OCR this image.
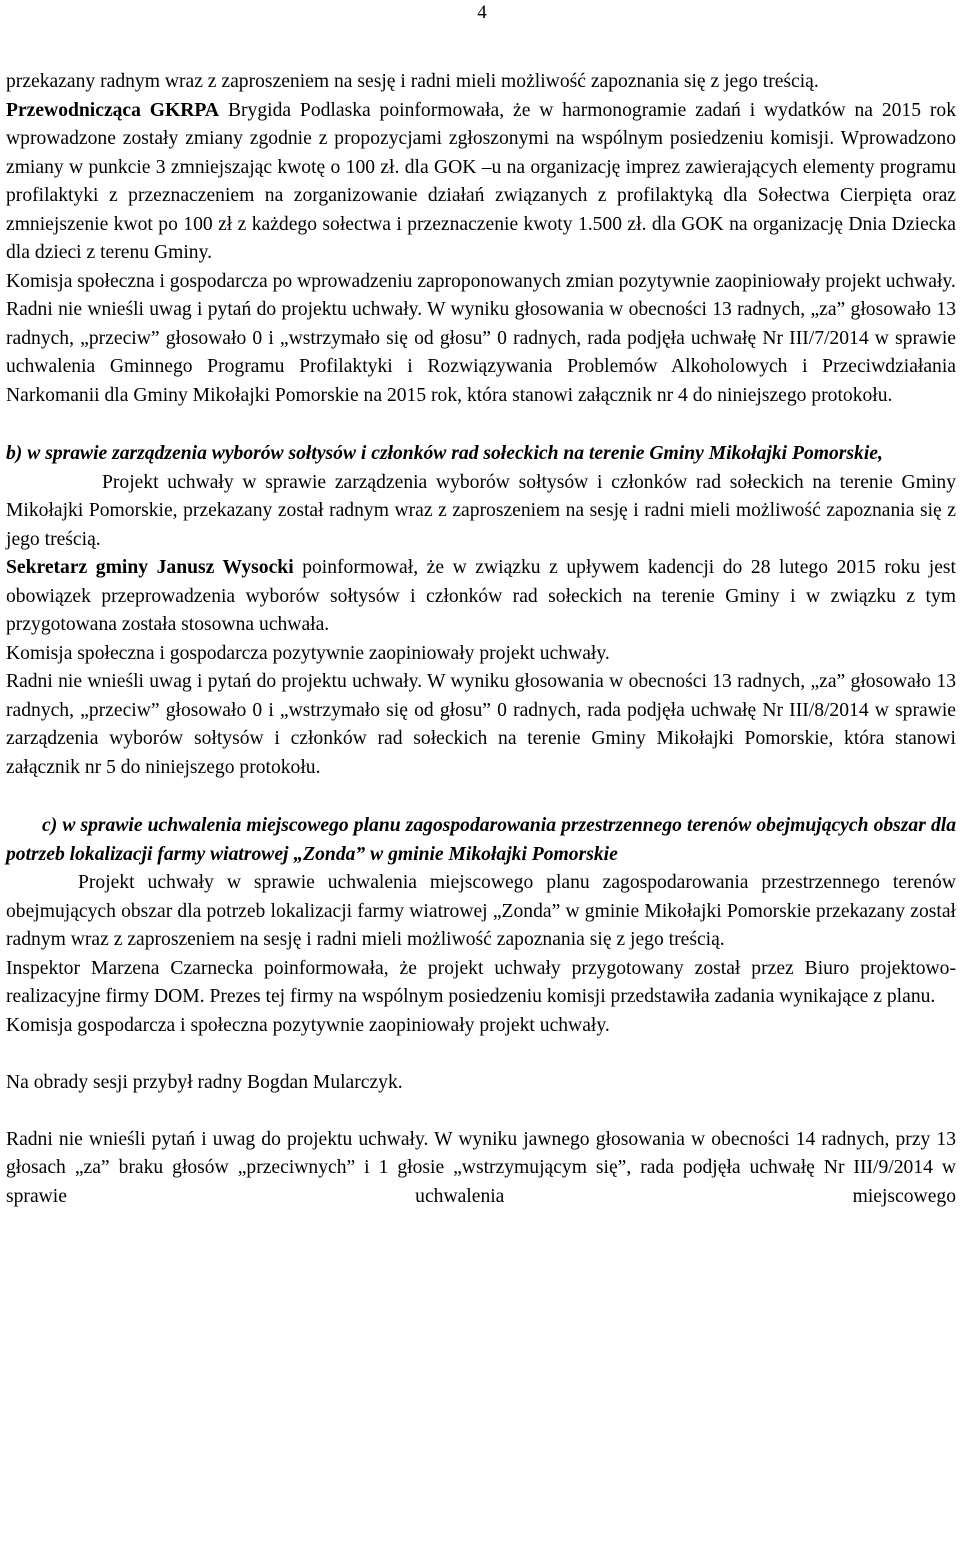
4

przekazany radnym wraz z zaproszeniem na sesję i radni mieli możliwość zapoznania się z jego treścią.

Przewodnicząca GKRPA Brygida Podlaska poinformowała, że w harmonogramie zadań i wydatków na 2015 rok wprowadzone zostały zmiany zgodnie z propozycjami zgłoszonymi na wspólnym posiedzeniu komisji. Wprowadzono zmiany w punkcie 3 zmniejszając kwotę o 100 zł. dla GOK –u na organizację imprez zawierających elementy programu profilaktyki z przeznaczeniem na zorganizowanie działań związanych z profilaktyką dla Sołectwa Cierpięta oraz zmniejszenie kwot po 100 zł z każdego sołectwa i przeznaczenie kwoty 1.500 zł. dla GOK na organizację Dnia Dziecka dla dzieci z terenu Gminy.

Komisja społeczna i gospodarcza po wprowadzeniu zaproponowanych zmian pozytywnie zaopiniowały projekt uchwały.

Radni nie wnieśli uwag i pytań do projektu uchwały. W wyniku głosowania w obecności 13 radnych, „za” głosowało 13 radnych, „przeciw” głosowało 0 i „wstrzymało się od głosu” 0 radnych, rada podjęła uchwałę Nr III/7/2014 w sprawie uchwalenia Gminnego Programu Profilaktyki i Rozwiązywania Problemów Alkoholowych i Przeciwdziałania Narkomanii dla Gminy Mikołajki Pomorskie na 2015 rok, która stanowi załącznik nr 4 do niniejszego protokołu.

b) w sprawie zarządzenia wyborów sołtysów i członków rad sołeckich na terenie Gminy Mikołajki Pomorskie,

Projekt uchwały w sprawie zarządzenia wyborów sołtysów i członków rad sołeckich na terenie Gminy Mikołajki Pomorskie, przekazany został radnym wraz z zaproszeniem na sesję i radni mieli możliwość zapoznania się z jego treścią.

Sekretarz gminy Janusz Wysocki poinformował, że w związku z upływem kadencji do 28 lutego 2015 roku jest obowiązek przeprowadzenia wyborów sołtysów i członków rad sołeckich na terenie Gminy i w związku z tym przygotowana została stosowna uchwała.

Komisja społeczna i gospodarcza pozytywnie zaopiniowały projekt uchwały.

Radni nie wnieśli uwag i pytań do projektu uchwały. W wyniku głosowania w obecności 13 radnych, „za” głosowało 13 radnych, „przeciw” głosowało 0 i „wstrzymało się od głosu” 0 radnych, rada podjęła uchwałę Nr III/8/2014 w sprawie zarządzenia wyborów sołtysów i członków rad sołeckich na terenie Gminy Mikołajki Pomorskie, która stanowi załącznik nr 5 do niniejszego protokołu.

c) w sprawie uchwalenia miejscowego planu zagospodarowania przestrzennego terenów obejmujących obszar dla potrzeb lokalizacji farmy wiatrowej „Zonda” w gminie Mikołajki Pomorskie

Projekt uchwały w sprawie uchwalenia miejscowego planu zagospodarowania przestrzennego terenów obejmujących obszar dla potrzeb lokalizacji farmy wiatrowej „Zonda” w gminie Mikołajki Pomorskie przekazany został radnym wraz z zaproszeniem na sesję i radni mieli możliwość zapoznania się z jego treścią.

Inspektor Marzena Czarnecka poinformowała, że projekt uchwały przygotowany został przez Biuro projektowo-realizacyjne firmy DOM. Prezes tej firmy na wspólnym posiedzeniu komisji przedstawiła zadania wynikające z planu.

Komisja gospodarcza i społeczna pozytywnie zaopiniowały projekt uchwały.

Na obrady sesji przybył radny Bogdan Mularczyk.

Radni nie wnieśli pytań i uwag do projektu uchwały. W wyniku jawnego głosowania w obecności 14 radnych, przy 13 głosach „za” braku głosów „przeciwnych” i 1 głosie „wstrzymującym się”, rada podjęła uchwałę Nr III/9/2014 w sprawie uchwalenia miejscowego
